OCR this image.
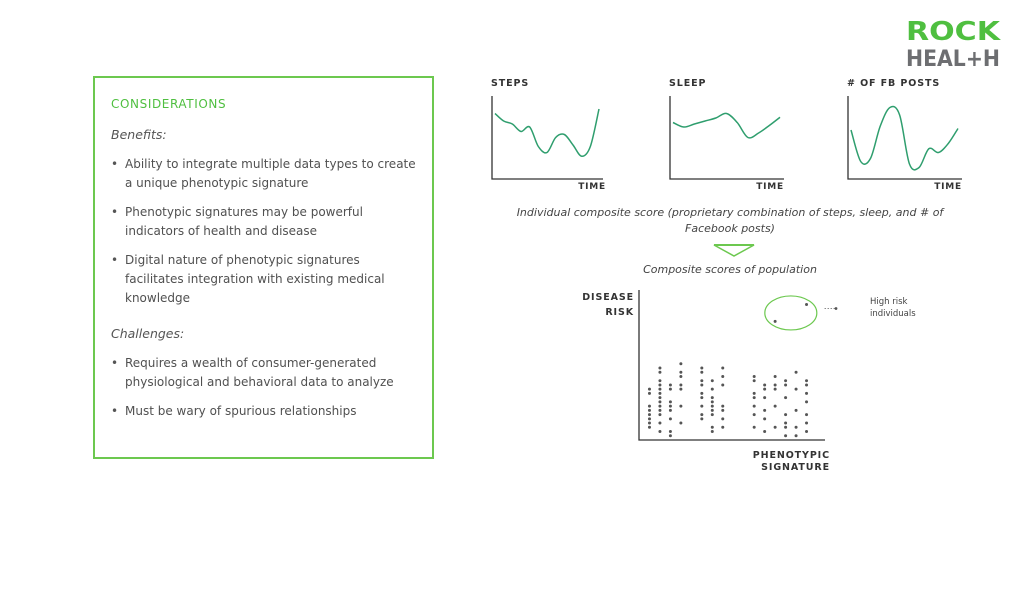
ROCK
HEAL+H
CONSIDERATIONS
Benefits:
• Ability to integrate multiple data types to create a unique phenotypic signature
• Phenotypic signatures may be powerful indicators of health and disease
• Digital nature of phenotypic signatures facilitates integration with existing medical knowledge
Challenges:
• Requires a wealth of consumer-generated physiological and behavioral data to analyze
• Must be wary of spurious relationships
STEPS
TIME
SLEEP
TIME
# OF FB POSTS
TIME
Individual composite score (proprietary combination of steps, sleep, and # of Facebook posts)
Composite scores of population
DISEASE
RISK
PHENOTYPIC
SIGNATURE
High risk
individuals
